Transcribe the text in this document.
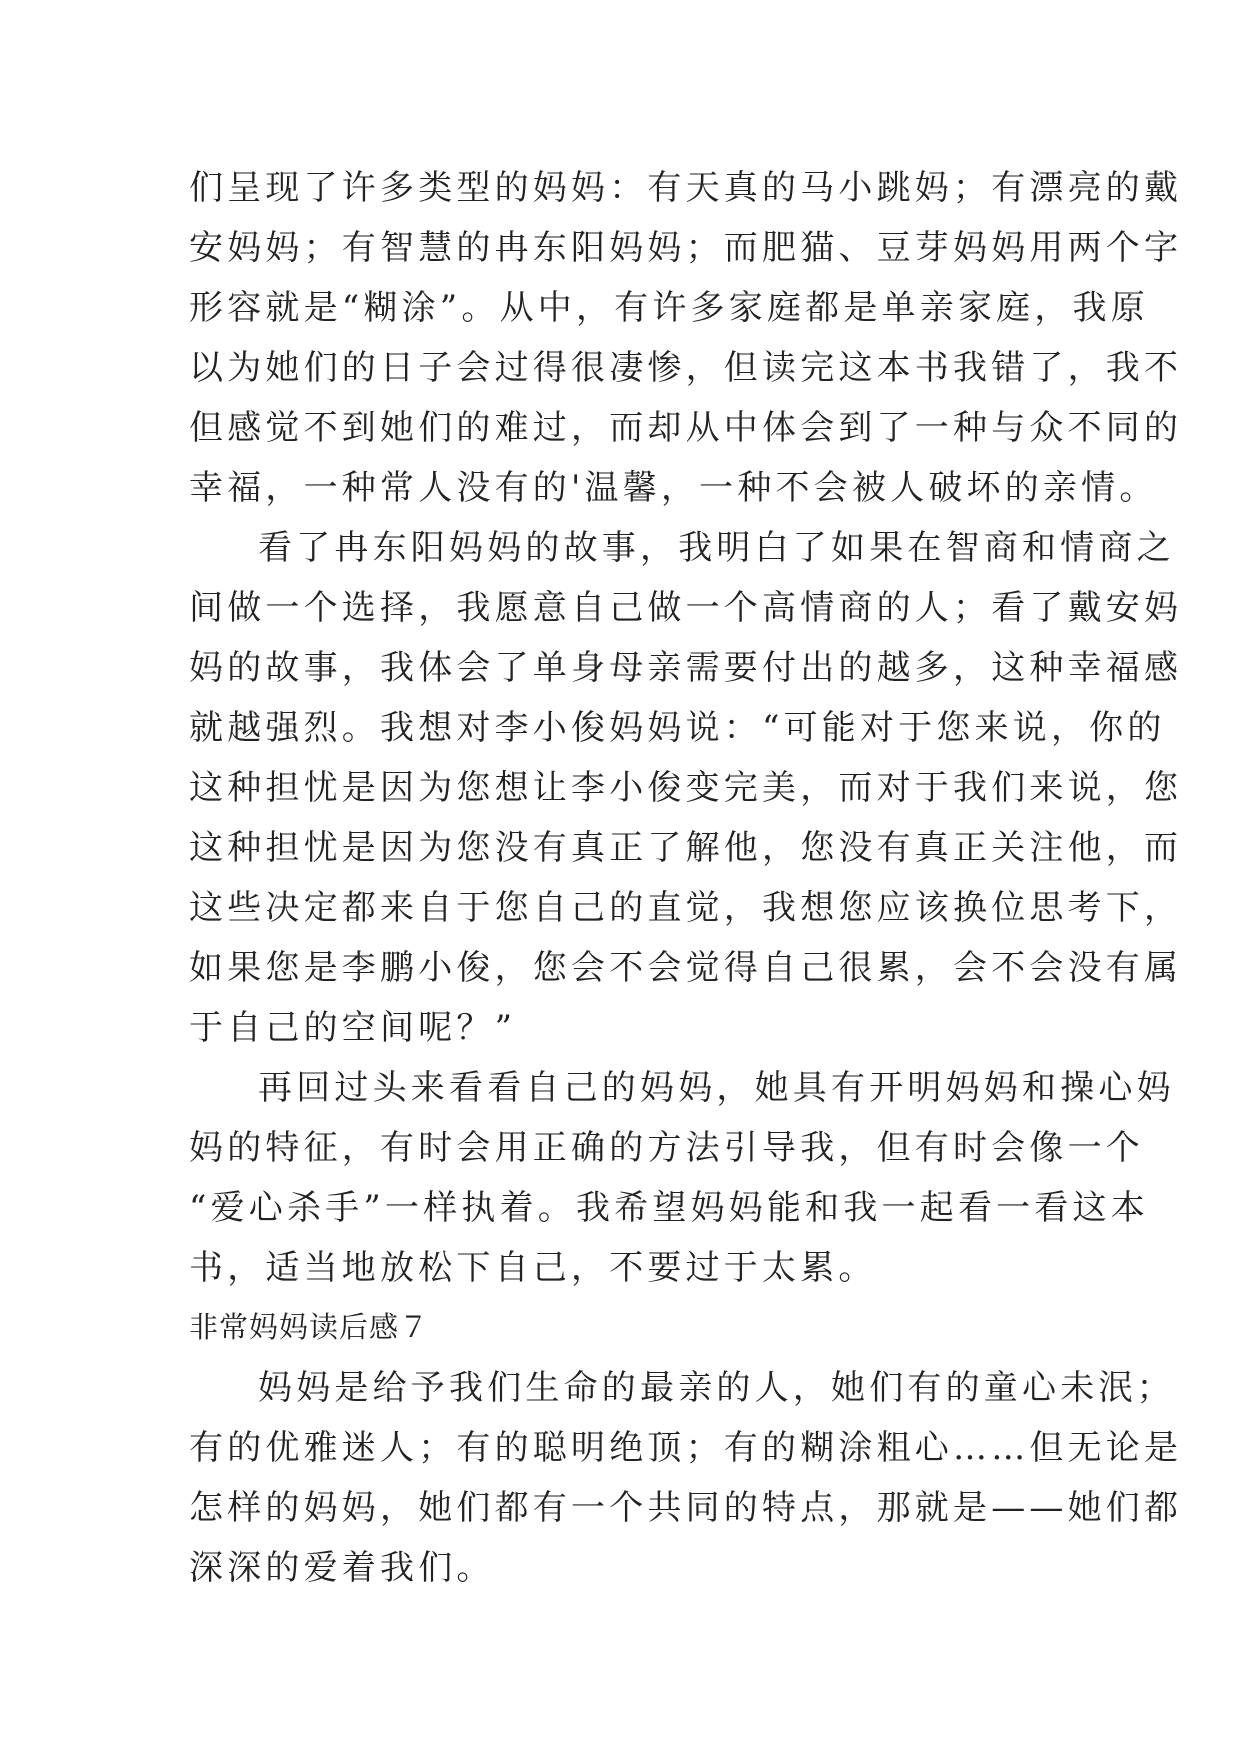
们呈现了许多类型的妈妈：有天真的马小跳妈；有漂亮的戴
安妈妈；有智慧的冉东阳妈妈；而肥猫、豆芽妈妈用两个字
形容就是“糊涂”。从中，有许多家庭都是单亲家庭，我原
以为她们的日子会过得很凄惨，但读完这本书我错了，我不
但感觉不到她们的难过，而却从中体会到了一种与众不同的
幸福，一种常人没有的'温馨，一种不会被人破坏的亲情。
看了冉东阳妈妈的故事，我明白了如果在智商和情商之
间做一个选择，我愿意自己做一个高情商的人；看了戴安妈
妈的故事，我体会了单身母亲需要付出的越多，这种幸福感
就越强烈。我想对李小俊妈妈说：“可能对于您来说，你的
这种担忧是因为您想让李小俊变完美，而对于我们来说，您
这种担忧是因为您没有真正了解他，您没有真正关注他，而
这些决定都来自于您自己的直觉，我想您应该换位思考下，
如果您是李鹏小俊，您会不会觉得自己很累，会不会没有属
于自己的空间呢？”
再回过头来看看自己的妈妈，她具有开明妈妈和操心妈
妈的特征，有时会用正确的方法引导我，但有时会像一个
“爱心杀手”一样执着。我希望妈妈能和我一起看一看这本
书，适当地放松下自己，不要过于太累。
非常妈妈读后感７
妈妈是给予我们生命的最亲的人，她们有的童心未泯；
有的优雅迷人；有的聪明绝顶；有的糊涂粗心……但无论是
怎样的妈妈，她们都有一个共同的特点，那就是——她们都
深深的爱着我们。
